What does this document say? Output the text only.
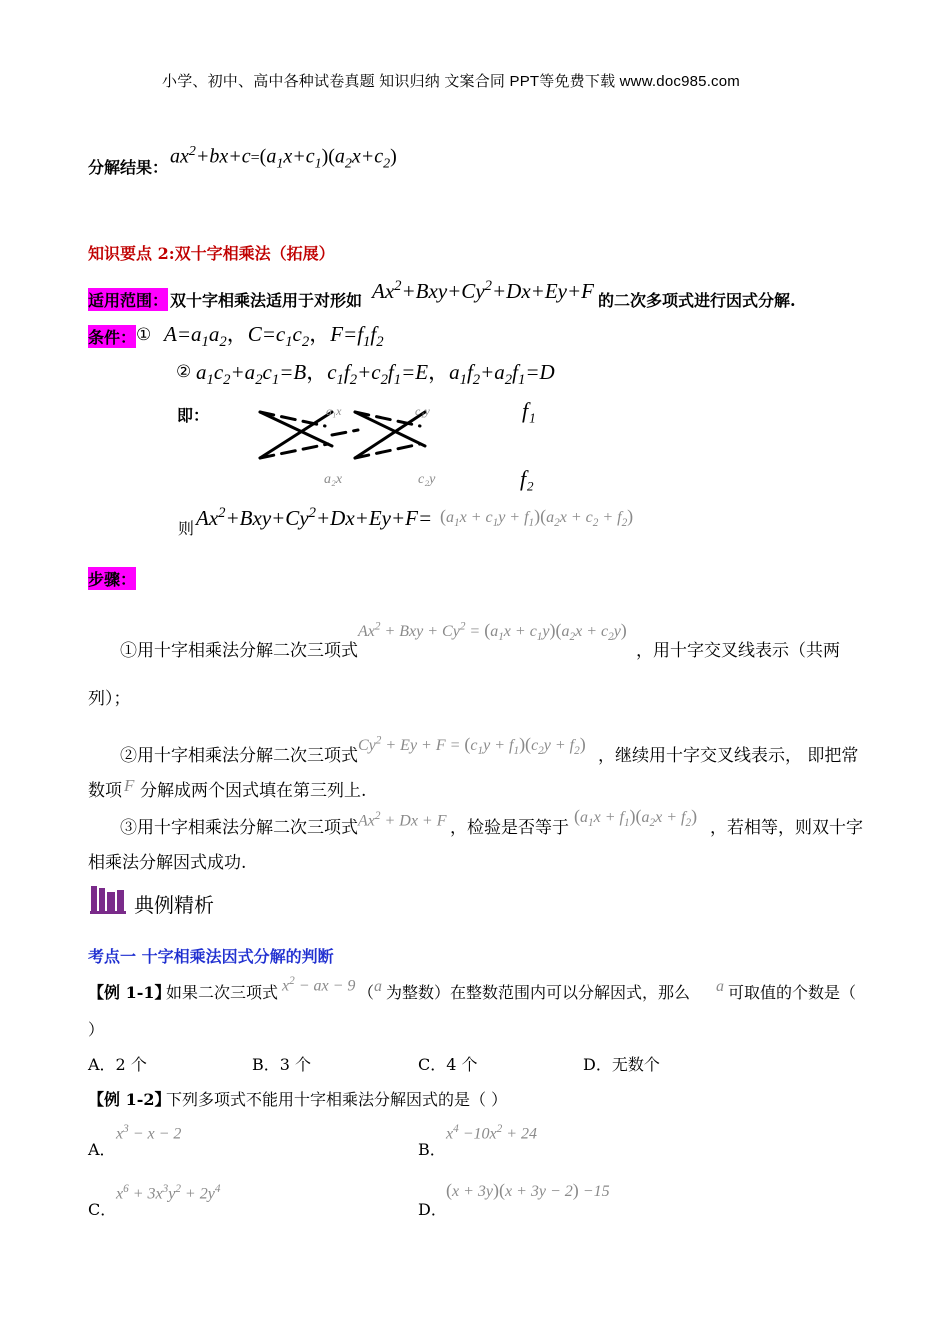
小学、初中、高中各种试卷真题 知识归纳 文案合同 PPT等免费下载 www.doc985.com
分解结果： $ax^2+bx+c=(a_1x+c_1)(a_2x+c_2)$
知识要点 2:双十字相乘法（拓展）
适用范围： 双十字相乘法适用于对形如 $Ax^2+Bxy+Cy^2+Dx+Ey+F$ 的二次多项式进行因式分解.
条件： ① $A=a_1a_2$，$C=c_1c_2$，$F=f_1f_2$
② $a_1c_2+a_2c_1=B$，$c_1f_2+c_2f_1=E$，$a_1f_2+a_2f_1=D$
即：	a₁x	c₁y
a₂x	c₂y
f₁
f₂
则 $Ax^2+Bxy+Cy^2+Dx+Ey+F= (a_1x + c_1y + f_1)(a_2x + c_2 + f_2)$
步骤：
①用十字相乘法分解二次三项式
$Ax^2$ + Bxy + $Cy^2 = (a_1x + c_1y)(a_2x + c_2y)$
，用十字交叉线表示（共两
列）；
②用十字相乘法分解二次三项式
$Cy^2 + Ey + F = (c_1y + f_1)(c_2y + f_2)$
，继续用十字交叉线表示， 即把常
数项 F 分解成两个因式填在第三列上.
③用十字相乘法分解二次三项式 $Ax^2 + Dx + F$ ，检验是否等于
$(a_1x + f_1)(a_2x + f_2)$
，若相等，则双十字
相乘法分解因式成功.
典例精析
考点一 十字相乘法因式分解的判断
【例 1-1】
如果二次三项式 $x^2$ − ax − 9 （ a 为整数）在整数范围内可以分解因式，那么 a 可取值的个数是（
）
A．2 个	B．3 个	C．4 个	D．无数个
【例 1-2】
下列多项式不能用十字相乘法分解因式的是（ ）
A．
$x^3 - x - 2$
B．
$x^4 -10x^2 + 24$
C．
$x^6 + 3x^3y^2 + 2y^4$
D．
(x + 3y)(x + 3y − 2) −15
